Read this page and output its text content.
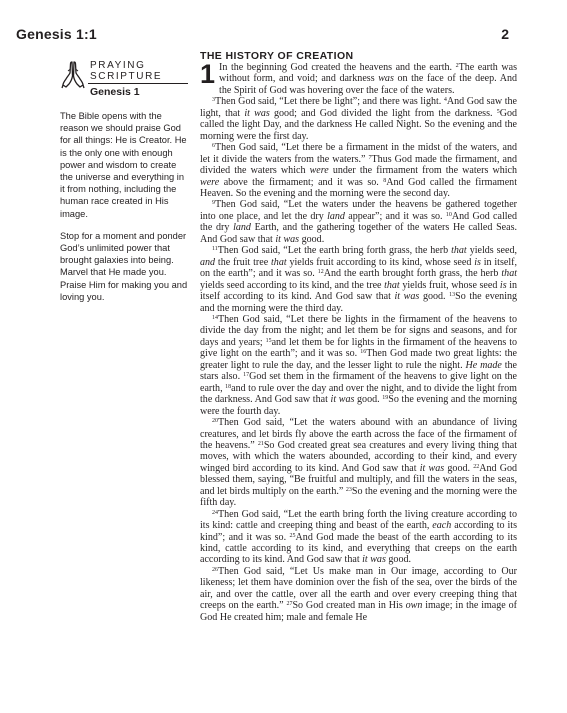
Genesis 1:1	2
PRAYING
SCRIPTURE
Genesis 1

The Bible opens with the reason we should praise God for all things: He is Creator. He is the only one with enough power and wisdom to create the universe and everything in it from nothing, including the human race created in His image.

Stop for a moment and ponder God’s unlimited power that brought galaxies into being. Marvel that He made you. Praise Him for making you and loving you.

THE HISTORY OF CREATION

1 In the beginning God created the heavens and the earth. $^2$The earth was without form, and void; and darkness was on the face of the deep. And the Spirit of God was hovering over the face of the waters.

$^3$Then God said, “Let there be light”; and there was light. $^4$And God saw the light, that it was good; and God divided the light from the darkness. $^5$God called the light Day, and the darkness He called Night. So the evening and the morning were the first day.

$^6$Then God said, “Let there be a firmament in the midst of the waters, and let it divide the waters from the waters.” $^7$Thus God made the firmament, and divided the waters which were under the firmament from the waters which were above the firmament; and it was so. $^8$And God called the firmament Heaven. So the evening and the morning were the second day.

$^9$Then God said, “Let the waters under the heavens be gathered together into one place, and let the dry land appear”; and it was so. $^{10}$And God called the dry land Earth, and the gathering together of the waters He called Seas. And God saw that it was good.

$^{11}$Then God said, “Let the earth bring forth grass, the herb that yields seed, and the fruit tree that yields fruit according to its kind, whose seed is in itself, on the earth”; and it was so. $^{12}$And the earth brought forth grass, the herb that yields seed according to its kind, and the tree that yields fruit, whose seed is in itself according to its kind. And God saw that it was good. $^{13}$So the evening and the morning were the third day.

$^{14}$Then God said, “Let there be lights in the firmament of the heavens to divide the day from the night; and let them be for signs and seasons, and for days and years; $^{15}$and let them be for lights in the firmament of the heavens to give light on the earth”; and it was so. $^{16}$Then God made two great lights: the greater light to rule the day, and the lesser light to rule the night. He made the stars also. $^{17}$God set them in the firmament of the heavens to give light on the earth, $^{18}$and to rule over the day and over the night, and to divide the light from the darkness. And God saw that it was good. $^{19}$So the evening and the morning were the fourth day.

$^{20}$Then God said, “Let the waters abound with an abundance of living creatures, and let birds fly above the earth across the face of the firmament of the heavens.” $^{21}$So God created great sea creatures and every living thing that moves, with which the waters abounded, according to their kind, and every winged bird according to its kind. And God saw that it was good. $^{22}$And God blessed them, saying, “Be fruitful and multiply, and fill the waters in the seas, and let birds multiply on the earth.” $^{23}$So the evening and the morning were the fifth day.

$^{24}$Then God said, “Let the earth bring forth the living creature according to its kind: cattle and creeping thing and beast of the earth, each according to its kind”; and it was so. $^{25}$And God made the beast of the earth according to its kind, cattle according to its kind, and everything that creeps on the earth according to its kind. And God saw that it was good.

$^{26}$Then God said, “Let Us make man in Our image, according to Our likeness; let them have dominion over the fish of the sea, over the birds of the air, and over the cattle, over all the earth and over every creeping thing that creeps on the earth.” $^{27}$So God created man in His own image; in the image of God He created him; male and female He
